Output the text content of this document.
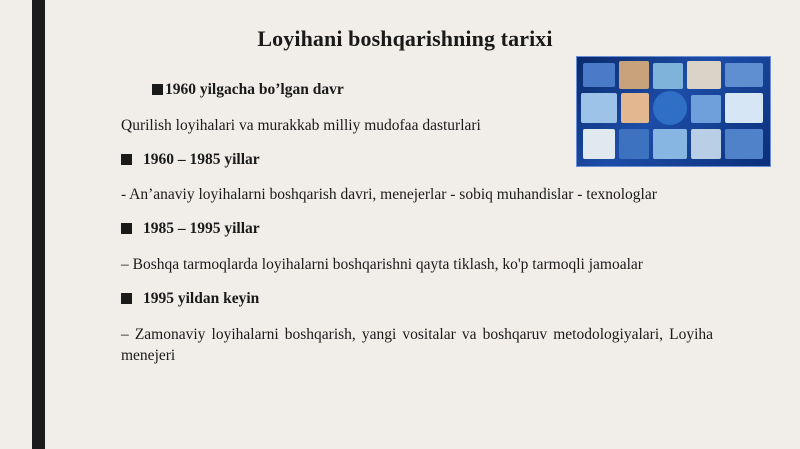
Loyihani boshqarishning tarixi
1960 yilgacha bo’lgan davr
Qurilish loyihalari va murakkab milliy mudofaa dasturlari
1960 – 1985 yillar
- An’anaviy loyihalarni boshqarish davri, menejerlar - sobiq muhandislar - texnologlar
1985 – 1995 yillar
– Boshqa tarmoqlarda loyihalarni boshqarishni qayta tiklash, ko'p tarmoqli jamoalar
1995 yildan keyin
– Zamonaviy loyihalarni boshqarish, yangi vositalar va boshqaruv metodologiyalari, Loyiha menejeri
